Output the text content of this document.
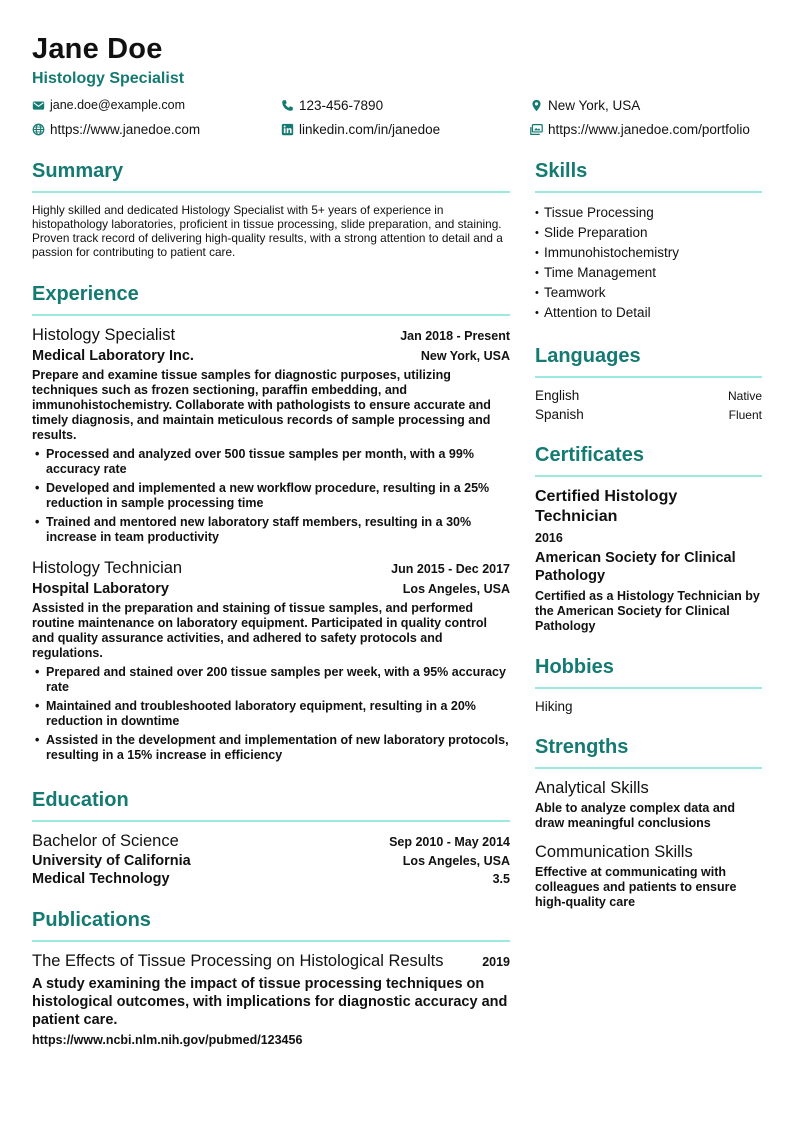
Jane Doe
Histology Specialist
jane.doe@example.com	123-456-7890	New York, USA
https://www.janedoe.com	linkedin.com/in/janedoe	https://www.janedoe.com/portfolio
Summary
Highly skilled and dedicated Histology Specialist with 5+ years of experience in histopathology laboratories, proficient in tissue processing, slide preparation, and staining. Proven track record of delivering high-quality results, with a strong attention to detail and a passion for contributing to patient care.
Experience
Histology Specialist	Jan 2018 - Present
Medical Laboratory Inc.	New York, USA
Prepare and examine tissue samples for diagnostic purposes, utilizing techniques such as frozen sectioning, paraffin embedding, and immunohistochemistry. Collaborate with pathologists to ensure accurate and timely diagnosis, and maintain meticulous records of sample processing and results.
• Processed and analyzed over 500 tissue samples per month, with a 99% accuracy rate
• Developed and implemented a new workflow procedure, resulting in a 25% reduction in sample processing time
• Trained and mentored new laboratory staff members, resulting in a 30% increase in team productivity
Histology Technician	Jun 2015 - Dec 2017
Hospital Laboratory	Los Angeles, USA
Assisted in the preparation and staining of tissue samples, and performed routine maintenance on laboratory equipment. Participated in quality control and quality assurance activities, and adhered to safety protocols and regulations.
• Prepared and stained over 200 tissue samples per week, with a 95% accuracy rate
• Maintained and troubleshooted laboratory equipment, resulting in a 20% reduction in downtime
• Assisted in the development and implementation of new laboratory protocols, resulting in a 15% increase in efficiency
Education
Bachelor of Science	Sep 2010 - May 2014
University of California	Los Angeles, USA
Medical Technology	3.5
Publications
The Effects of Tissue Processing on Histological Results	2019
A study examining the impact of tissue processing techniques on histological outcomes, with implications for diagnostic accuracy and patient care.
https://www.ncbi.nlm.nih.gov/pubmed/123456
Skills
• Tissue Processing
• Slide Preparation
• Immunohistochemistry
• Time Management
• Teamwork
• Attention to Detail
Languages
English	Native
Spanish	Fluent
Certificates
Certified Histology Technician
2016
American Society for Clinical Pathology
Certified as a Histology Technician by the American Society for Clinical Pathology
Hobbies
Hiking
Strengths
Analytical Skills
Able to analyze complex data and draw meaningful conclusions
Communication Skills
Effective at communicating with colleagues and patients to ensure high-quality care
